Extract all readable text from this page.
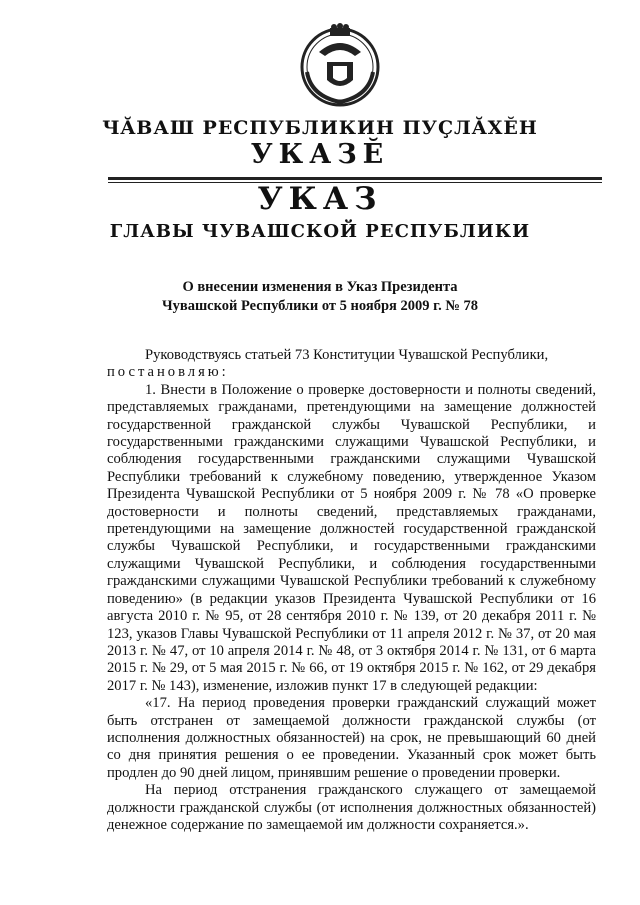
ЧĂВАШ РЕСПУБЛИКИН ПУÇЛĂХĔН
УКАЗĔ
УКАЗ
ГЛАВЫ ЧУВАШСКОЙ РЕСПУБЛИКИ
О внесении изменения в Указ Президента
Чувашской Республики от 5 ноября 2009 г. № 78

Руководствуясь статьей 73 Конституции Чувашской Республики,

постановляю:

1. Внести в Положение о проверке достоверности и полноты сведений, представляемых гражданами, претендующими на замещение должностей государственной гражданской службы Чувашской Республики, и государственными гражданскими служащими Чувашской Республики, и соблюдения государственными гражданскими служащими Чувашской Республики требований к служебному поведению, утвержденное Указом Президента Чувашской Республики от 5 ноября 2009 г. № 78 «О проверке достоверности и полноты сведений, представляемых гражданами, претендующими на замещение должностей государственной гражданской службы Чувашской Республики, и государственными гражданскими служащими Чувашской Республики, и соблюдения государственными гражданскими служащими Чувашской Республики требований к служебному поведению» (в редакции указов Президента Чувашской Республики от 16 августа 2010 г. № 95, от 28 сентября 2010 г. № 139, от 20 декабря 2011 г. № 123, указов Главы Чувашской Республики от 11 апреля 2012 г. № 37, от 20 мая 2013 г. № 47, от 10 апреля 2014 г. № 48, от 3 октября 2014 г. № 131, от 6 марта 2015 г. № 29, от 5 мая 2015 г. № 66, от 19 октября 2015 г. № 162, от 29 декабря 2017 г. № 143), изменение, изложив пункт 17 в следующей редакции:

«17. На период проведения проверки гражданский служащий может быть отстранен от замещаемой должности гражданской службы (от исполнения должностных обязанностей) на срок, не превышающий 60 дней со дня принятия решения о ее проведении. Указанный срок может быть продлен до 90 дней лицом, принявшим решение о проведении проверки.

На период отстранения гражданского служащего от замещаемой должности гражданской службы (от исполнения должностных обязанностей) денежное содержание по замещаемой им должности сохраняется.».
